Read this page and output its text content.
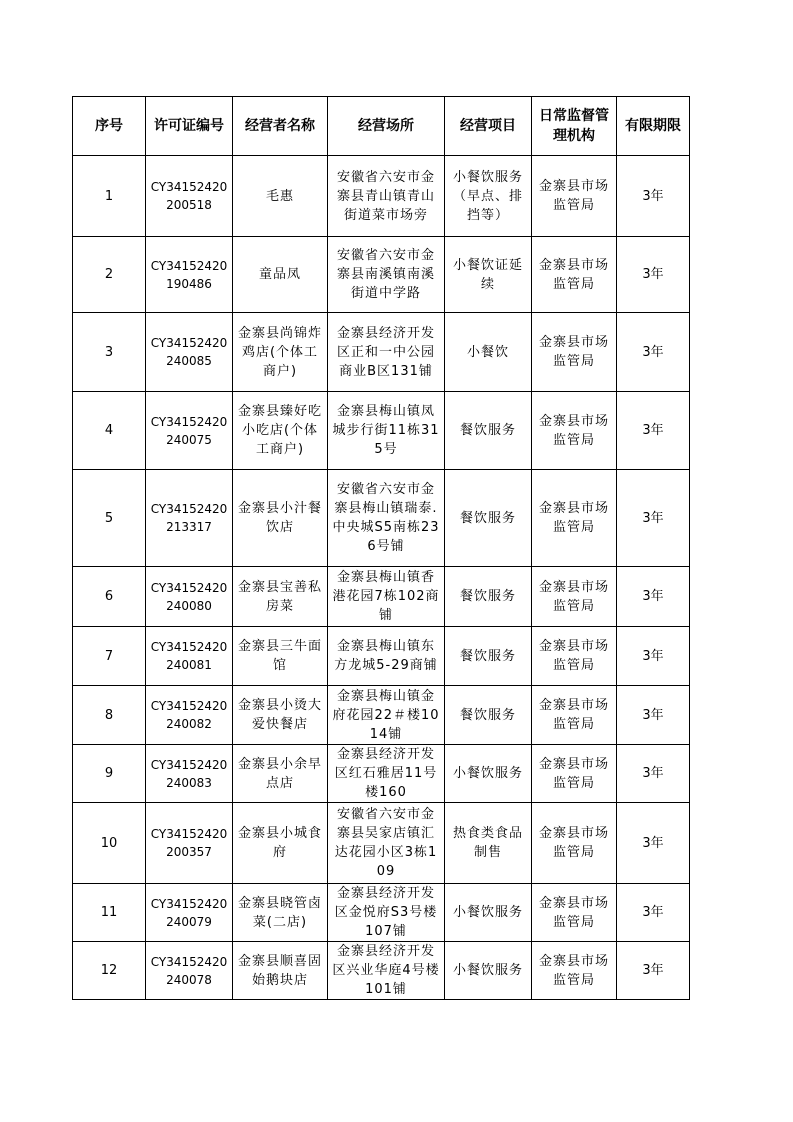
序号	许可证编号	经营者名称	经营场所	经营项目	日常监督管理机构	有限期限
1	CY34152420200518	毛惠	安徽省六安市金寨县青山镇青山街道菜市场旁	小餐饮服务（早点、排挡等）	金寨县市场监管局	3年
2	CY34152420190486	童品凤	安徽省六安市金寨县南溪镇南溪街道中学路	小餐饮证延续	金寨县市场监管局	3年
3	CY34152420240085	金寨县尚锦炸鸡店(个体工商户)	金寨县经济开发区正和一中公园商业B区131铺	小餐饮	金寨县市场监管局	3年
4	CY34152420240075	金寨县臻好吃小吃店(个体工商户)	金寨县梅山镇凤城步行街11栋315号	餐饮服务	金寨县市场监管局	3年
5	CY34152420213317	金寨县小汁餐饮店	安徽省六安市金寨县梅山镇瑞泰.中央城S5南栋236号铺	餐饮服务	金寨县市场监管局	3年
6	CY34152420240080	金寨县宝善私房菜	金寨县梅山镇香港花园7栋102商铺	餐饮服务	金寨县市场监管局	3年
7	CY34152420240081	金寨县三牛面馆	金寨县梅山镇东方龙城5-29商铺	餐饮服务	金寨县市场监管局	3年
8	CY34152420240082	金寨县小烫大爱快餐店	金寨县梅山镇金府花园22＃楼1014铺	餐饮服务	金寨县市场监管局	3年
9	CY34152420240083	金寨县小余早点店	金寨县经济开发区红石雅居11号楼160	小餐饮服务	金寨县市场监管局	3年
10	CY34152420200357	金寨县小城食府	安徽省六安市金寨县吴家店镇汇达花园小区3栋109	热食类食品制售	金寨县市场监管局	3年
11	CY34152420240079	金寨县晓管卤菜(二店)	金寨县经济开发区金悦府S3号楼107铺	小餐饮服务	金寨县市场监管局	3年
12	CY34152420240078	金寨县顺喜固始鹅块店	金寨县经济开发区兴业华庭4号楼101铺	小餐饮服务	金寨县市场监管局	3年
